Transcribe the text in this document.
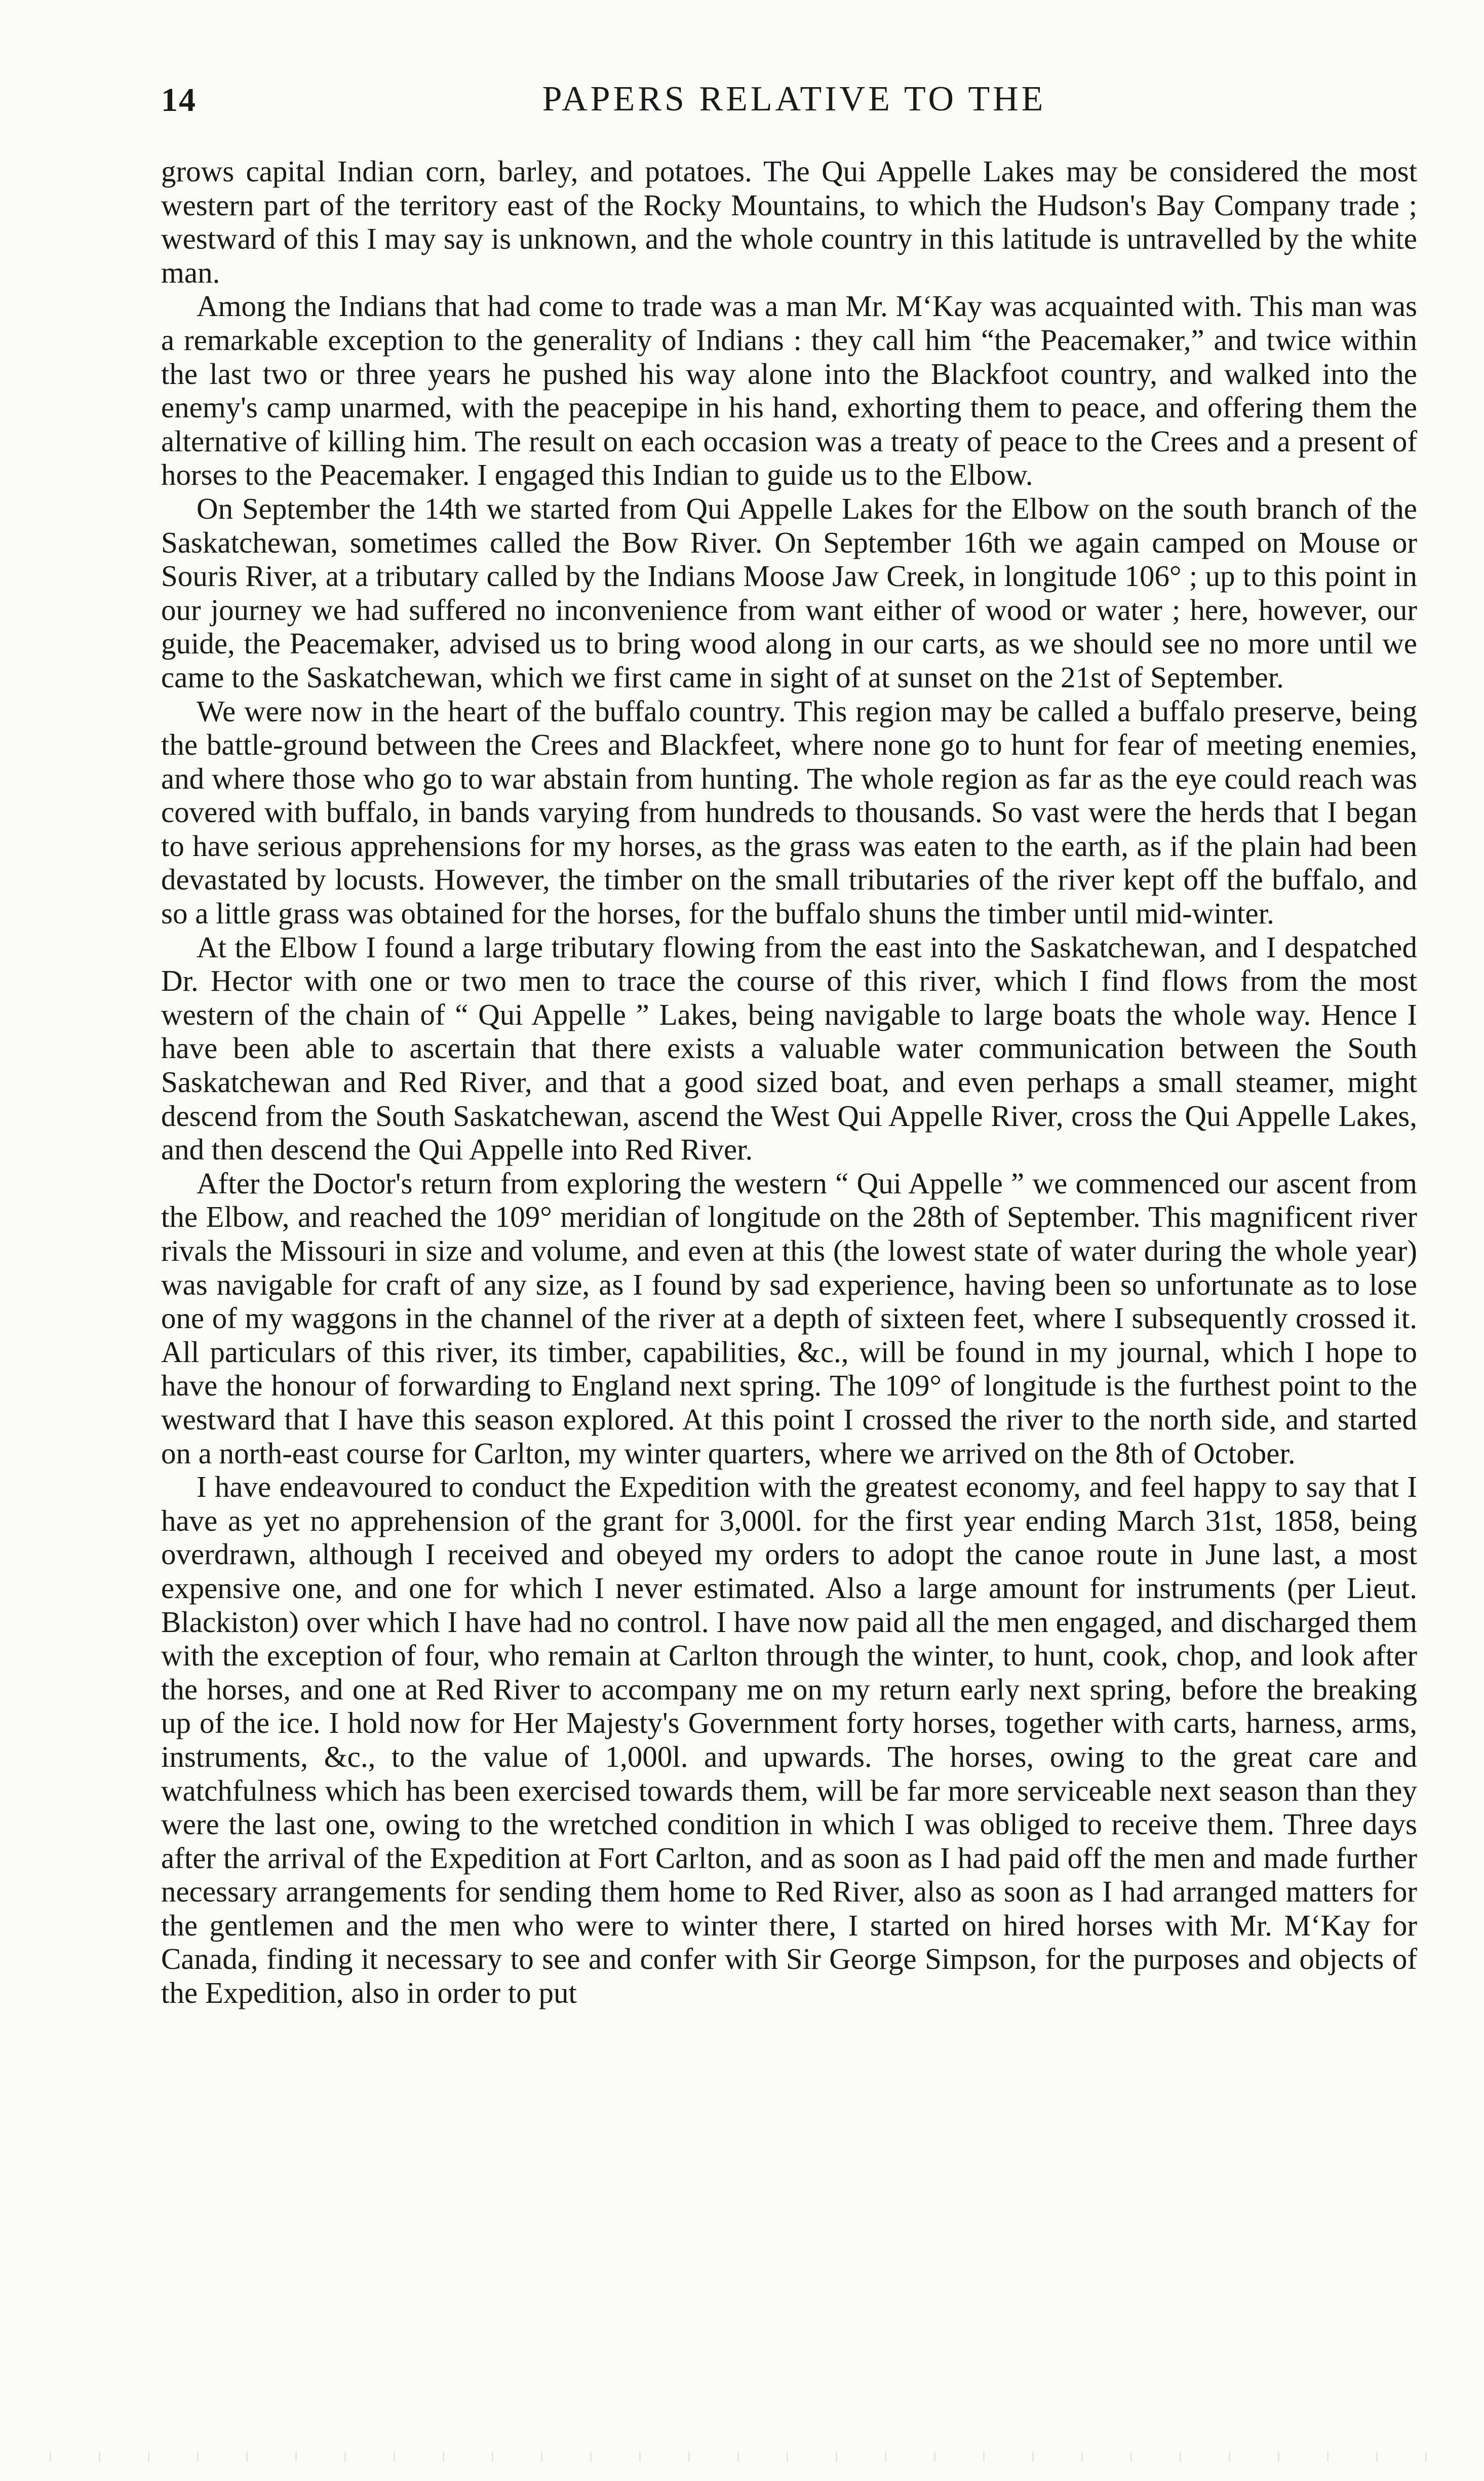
14	PAPERS RELATIVE TO THE

grows capital Indian corn, barley, and potatoes. The Qui Appelle Lakes may be considered the most western part of the territory east of the Rocky Mountains, to which the Hudson's Bay Company trade ; westward of this I may say is unknown, and the whole country in this latitude is untravelled by the white man.

Among the Indians that had come to trade was a man Mr. M‘Kay was acquainted with. This man was a remarkable exception to the generality of Indians : they call him “the Peacemaker,” and twice within the last two or three years he pushed his way alone into the Blackfoot country, and walked into the enemy's camp unarmed, with the peacepipe in his hand, exhorting them to peace, and offering them the alternative of killing him. The result on each occasion was a treaty of peace to the Crees and a present of horses to the Peacemaker. I engaged this Indian to guide us to the Elbow.

On September the 14th we started from Qui Appelle Lakes for the Elbow on the south branch of the Saskatchewan, sometimes called the Bow River. On September 16th we again camped on Mouse or Souris River, at a tributary called by the Indians Moose Jaw Creek, in longitude 106° ; up to this point in our journey we had suffered no inconvenience from want either of wood or water ; here, however, our guide, the Peacemaker, advised us to bring wood along in our carts, as we should see no more until we came to the Saskatchewan, which we first came in sight of at sunset on the 21st of September.

We were now in the heart of the buffalo country. This region may be called a buffalo preserve, being the battle-ground between the Crees and Blackfeet, where none go to hunt for fear of meeting enemies, and where those who go to war abstain from hunting. The whole region as far as the eye could reach was covered with buffalo, in bands varying from hundreds to thousands. So vast were the herds that I began to have serious apprehensions for my horses, as the grass was eaten to the earth, as if the plain had been devastated by locusts. However, the timber on the small tributaries of the river kept off the buffalo, and so a little grass was obtained for the horses, for the buffalo shuns the timber until mid-winter.

At the Elbow I found a large tributary flowing from the east into the Saskatchewan, and I despatched Dr. Hector with one or two men to trace the course of this river, which I find flows from the most western of the chain of “ Qui Appelle ” Lakes, being navigable to large boats the whole way. Hence I have been able to ascertain that there exists a valuable water communication between the South Saskatchewan and Red River, and that a good sized boat, and even perhaps a small steamer, might descend from the South Saskatchewan, ascend the West Qui Appelle River, cross the Qui Appelle Lakes, and then descend the Qui Appelle into Red River.

After the Doctor's return from exploring the western “ Qui Appelle ” we commenced our ascent from the Elbow, and reached the 109° meridian of longitude on the 28th of September. This magnificent river rivals the Missouri in size and volume, and even at this (the lowest state of water during the whole year) was navigable for craft of any size, as I found by sad experience, having been so unfortunate as to lose one of my waggons in the channel of the river at a depth of sixteen feet, where I subsequently crossed it. All particulars of this river, its timber, capabilities, &c., will be found in my journal, which I hope to have the honour of forwarding to England next spring. The 109° of longitude is the furthest point to the westward that I have this season explored. At this point I crossed the river to the north side, and started on a north-east course for Carlton, my winter quarters, where we arrived on the 8th of October.

I have endeavoured to conduct the Expedition with the greatest economy, and feel happy to say that I have as yet no apprehension of the grant for 3,000l. for the first year ending March 31st, 1858, being overdrawn, although I received and obeyed my orders to adopt the canoe route in June last, a most expensive one, and one for which I never estimated. Also a large amount for instruments (per Lieut. Blackiston) over which I have had no control. I have now paid all the men engaged, and discharged them with the exception of four, who remain at Carlton through the winter, to hunt, cook, chop, and look after the horses, and one at Red River to accompany me on my return early next spring, before the breaking up of the ice. I hold now for Her Majesty's Government forty horses, together with carts, harness, arms, instruments, &c., to the value of 1,000l. and upwards. The horses, owing to the great care and watchfulness which has been exercised towards them, will be far more serviceable next season than they were the last one, owing to the wretched condition in which I was obliged to receive them. Three days after the arrival of the Expedition at Fort Carlton, and as soon as I had paid off the men and made further necessary arrangements for sending them home to Red River, also as soon as I had arranged matters for the gentlemen and the men who were to winter there, I started on hired horses with Mr. M‘Kay for Canada, finding it necessary to see and confer with Sir George Simpson, for the purposes and objects of the Expedition, also in order to put
